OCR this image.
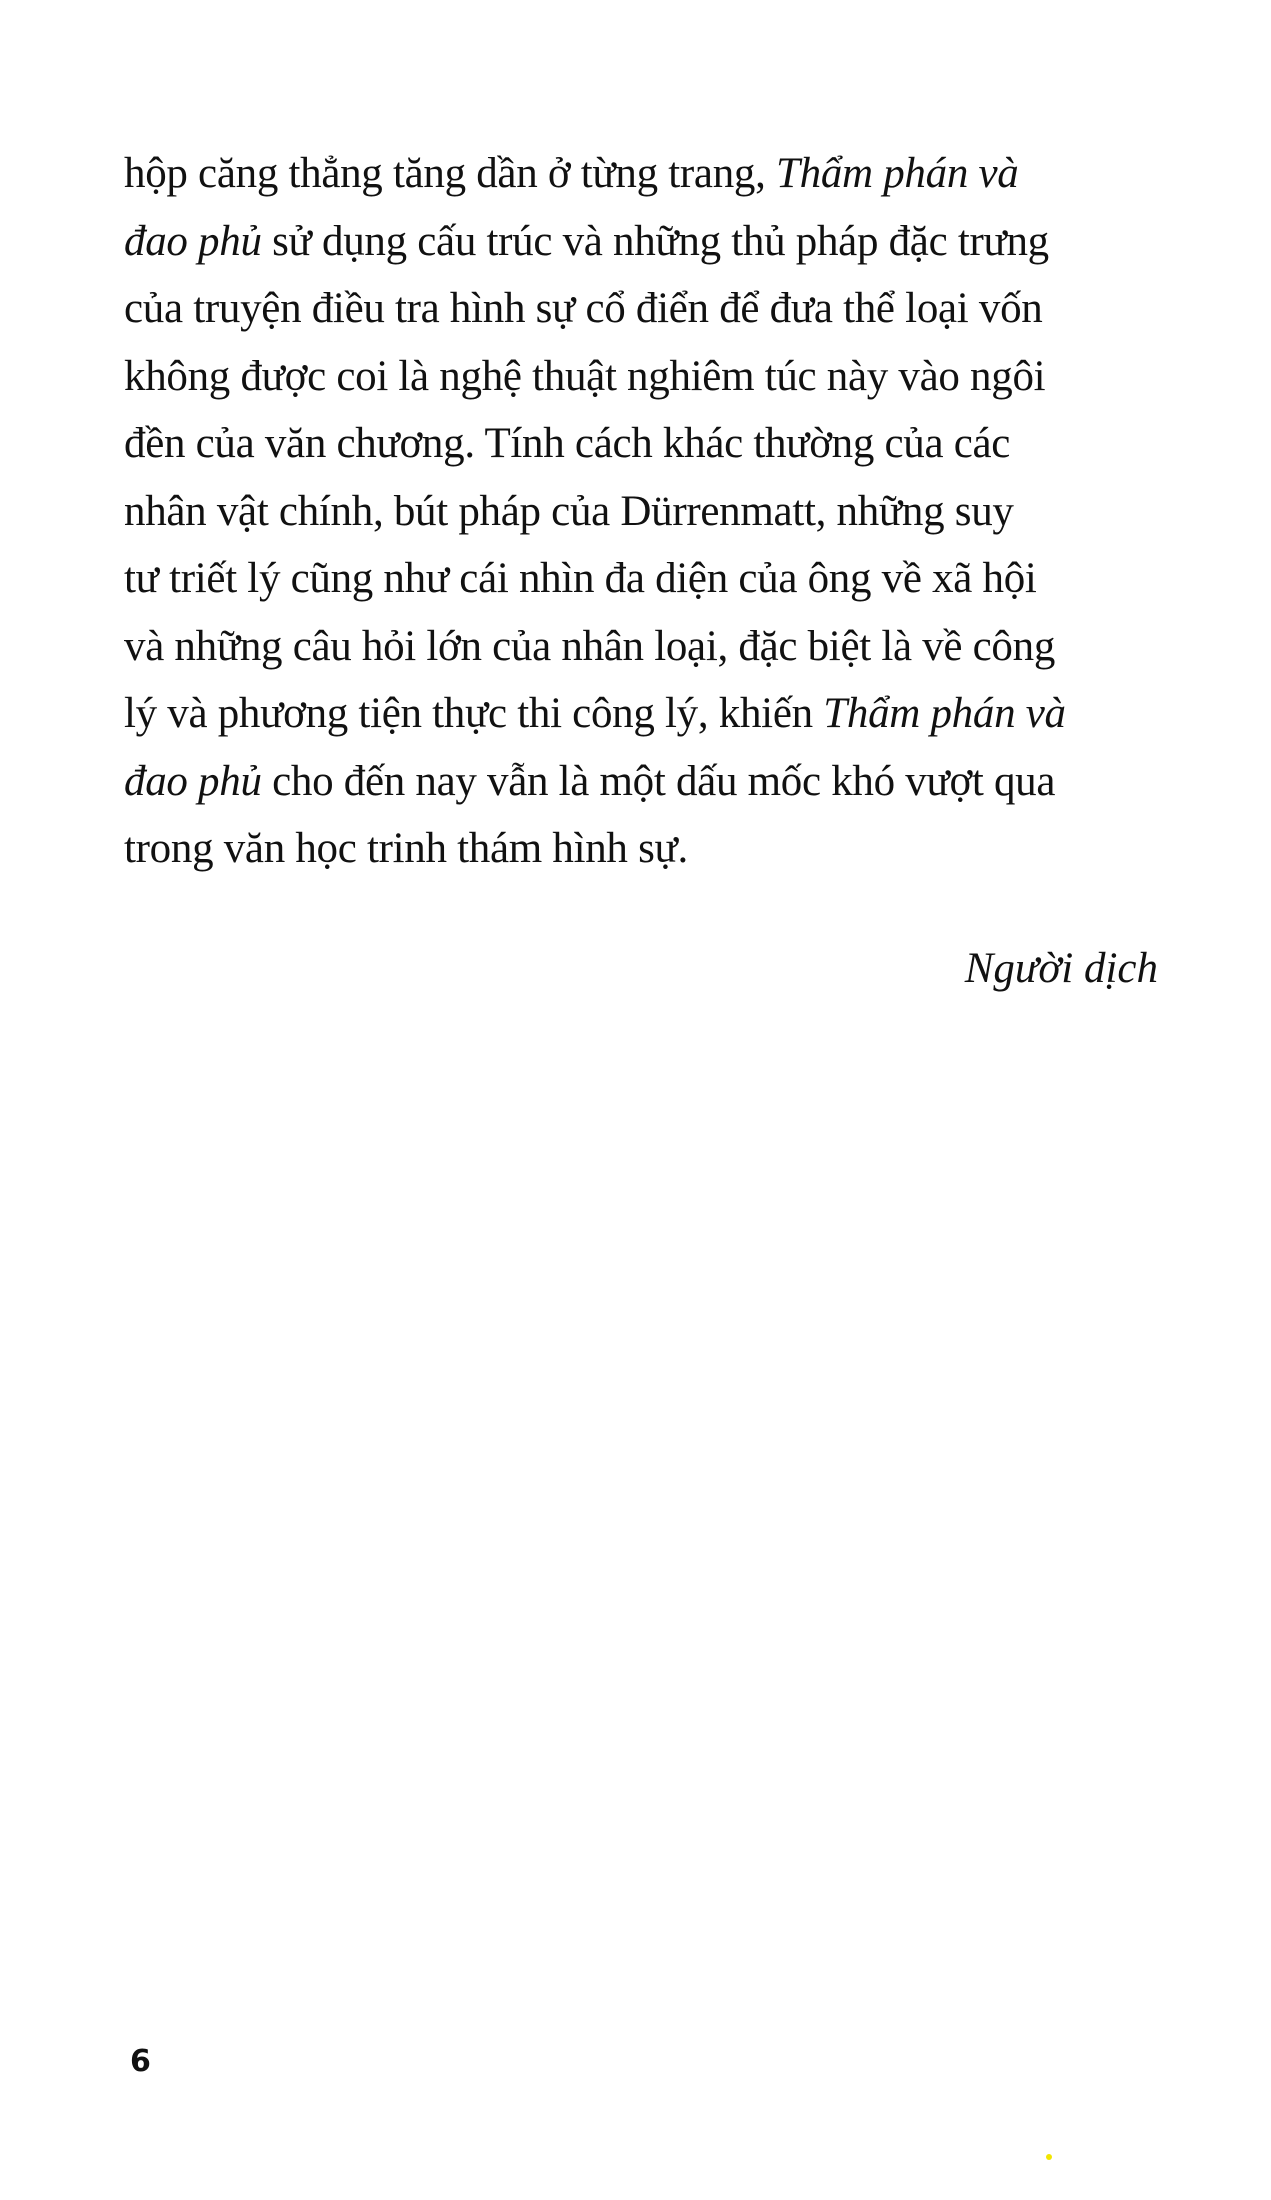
hộp căng thẳng tăng dần ở từng trang, Thẩm phán và
đao phủ sử dụng cấu trúc và những thủ pháp đặc trưng
của truyện điều tra hình sự cổ điển để đưa thể loại vốn
không được coi là nghệ thuật nghiêm túc này vào ngôi
đền của văn chương. Tính cách khác thường của các
nhân vật chính, bút pháp của Dürrenmatt, những suy
tư triết lý cũng như cái nhìn đa diện của ông về xã hội
và những câu hỏi lớn của nhân loại, đặc biệt là về công
lý và phương tiện thực thi công lý, khiến Thẩm phán và
đao phủ cho đến nay vẫn là một dấu mốc khó vượt qua
trong văn học trinh thám hình sự.
Người dịch
6
